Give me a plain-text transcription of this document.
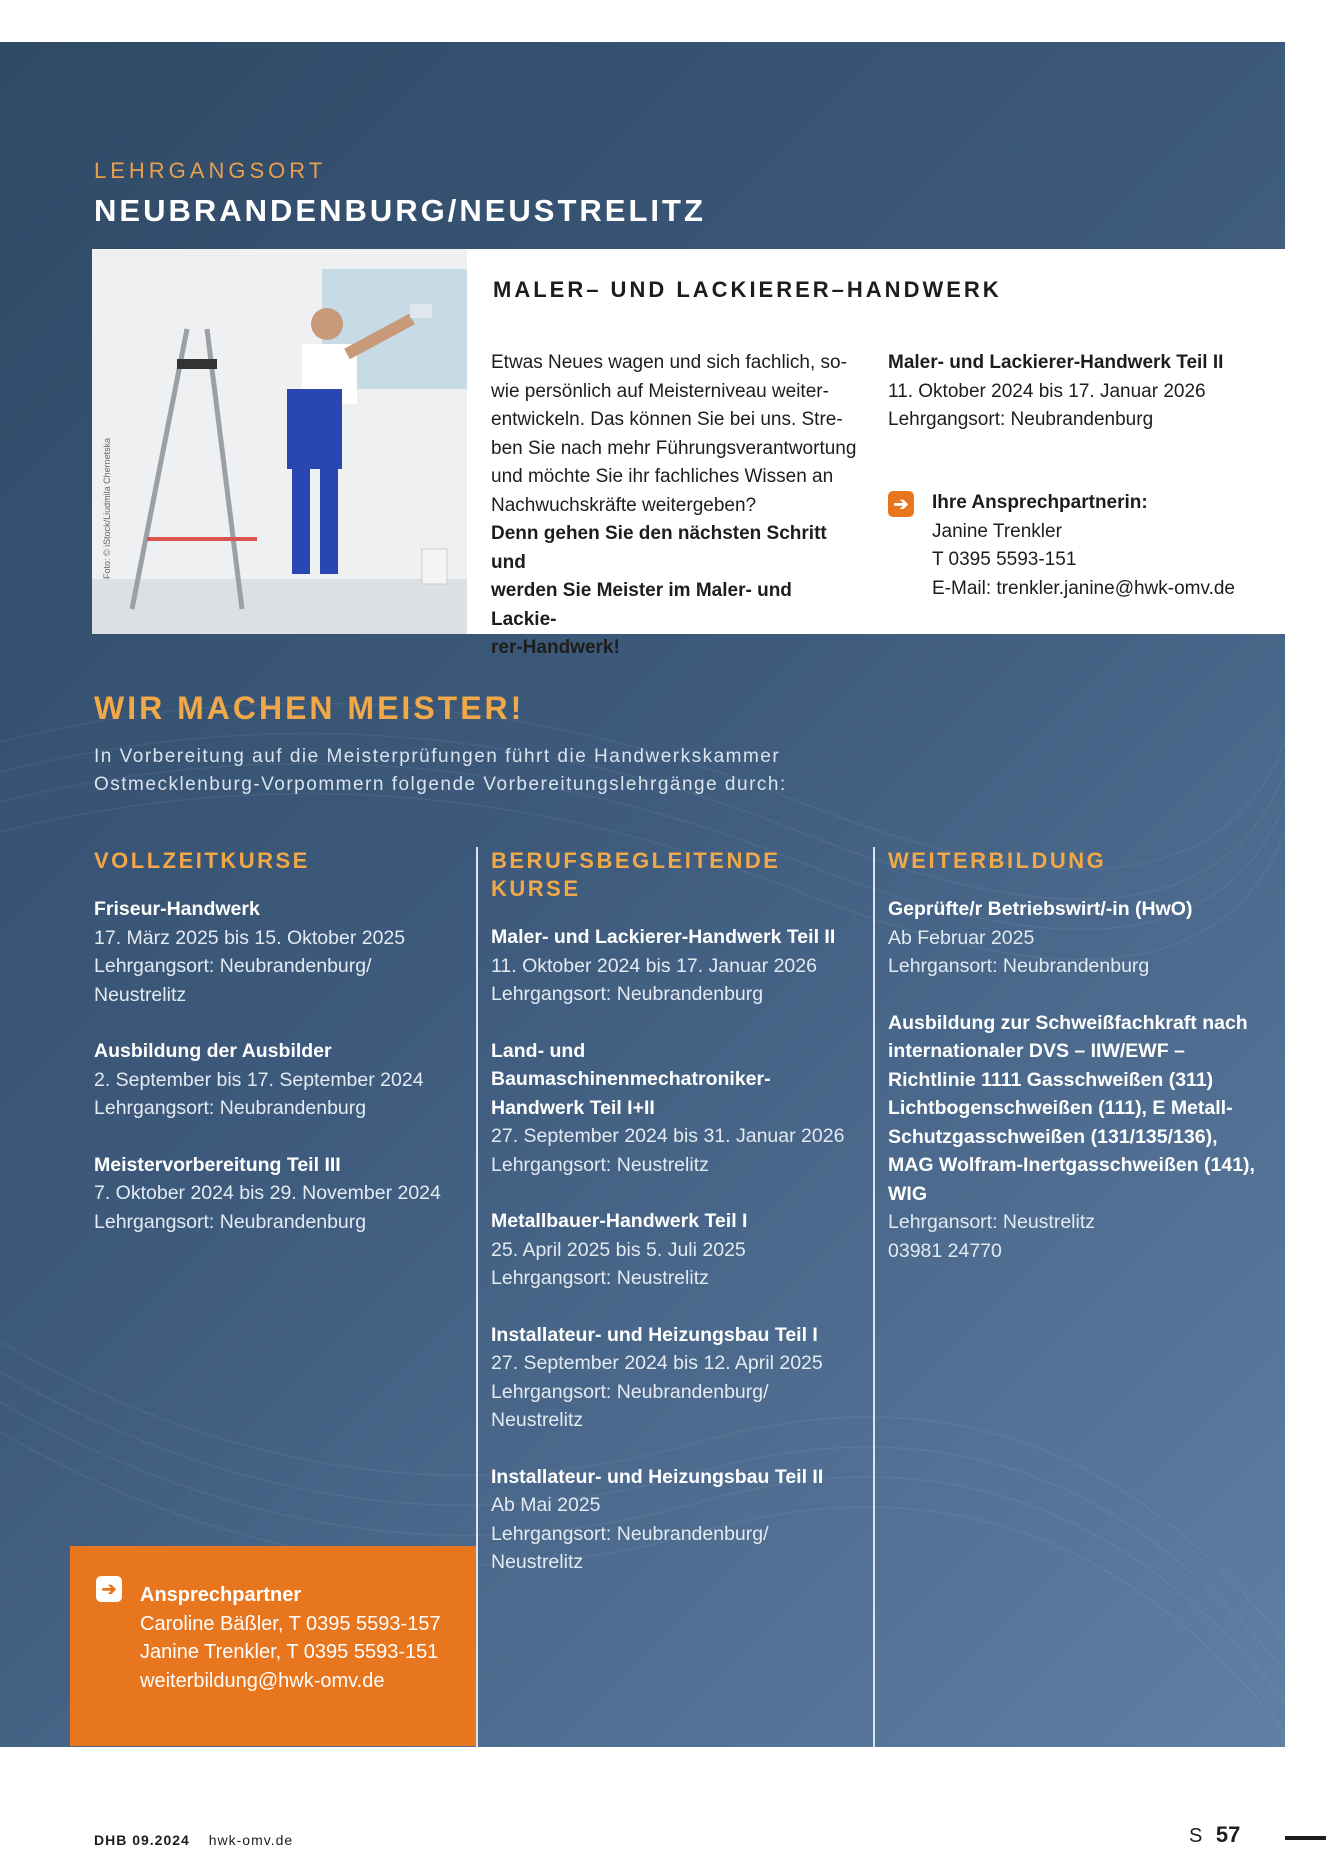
LEHRGANGSORT
NEUBRANDENBURG/NEUSTRELITZ
Foto: © iStock/Liudmila Chernetska
MALER– UND LACKIERER–HANDWERK
Etwas Neues wagen und sich fachlich, so-
wie persönlich auf Meisterniveau weiter-
entwickeln. Das können Sie bei uns. Stre-
ben Sie nach mehr Führungsverantwortung
und möchte Sie ihr fachliches Wissen an
Nachwuchskräfte weitergeben?
Denn gehen Sie den nächsten Schritt und
werden Sie Meister im Maler- und Lackie-
rer-Handwerk!
Maler- und Lackierer-Handwerk Teil II
11. Oktober 2024 bis 17. Januar 2026
Lehrgangsort: Neubrandenburg
➔ Ihre Ansprechpartnerin:
Janine Trenkler
T 0395 5593-151
E-Mail: trenkler.janine@hwk-omv.de
WIR MACHEN MEISTER!
In Vorbereitung auf die Meisterprüfungen führt die Handwerkskammer
Ostmecklenburg-Vorpommern folgende Vorbereitungslehrgänge durch:
VOLLZEITKURSE
Friseur-Handwerk
17. März 2025 bis 15. Oktober 2025
Lehrgangsort: Neubrandenburg/
Neustrelitz
Ausbildung der Ausbilder
2. September bis 17. September 2024
Lehrgangsort: Neubrandenburg
Meistervorbereitung Teil III
7. Oktober 2024 bis 29. November 2024
Lehrgangsort: Neubrandenburg
BERUFSBEGLEITENDE KURSE
Maler- und Lackierer-Handwerk Teil II
11. Oktober 2024 bis 17. Januar 2026
Lehrgangsort: Neubrandenburg
Land- und Baumaschinenmechatroniker-Handwerk Teil I+II
27. September 2024 bis 31. Januar 2026
Lehrgangsort: Neustrelitz
Metallbauer-Handwerk Teil I
25. April 2025 bis 5. Juli 2025
Lehrgangsort: Neustrelitz
Installateur- und Heizungsbau Teil I
27. September 2024 bis 12. April 2025
Lehrgangsort: Neubrandenburg/
Neustrelitz
Installateur- und Heizungsbau Teil II
Ab Mai 2025
Lehrgangsort: Neubrandenburg/
Neustrelitz
WEITERBILDUNG
Geprüfte/r Betriebswirt/-in (HwO)
Ab Februar 2025
Lehrgansort: Neubrandenburg
Ausbildung zur Schweißfachkraft nach internationaler DVS – IIW/EWF – Richtlinie 1111 Gasschweißen (311) Lichtbogenschweißen (111), E Metall-Schutzgasschweißen (131/135/136), MAG Wolfram-Inertgasschweißen (141), WIG
Lehrgansort: Neustrelitz
03981 24770
➔ Ansprechpartner
Caroline Bäßler, T 0395 5593-157
Janine Trenkler, T 0395 5593-151
weiterbildung@hwk-omv.de
DHB 09.2024 hwk-omv.de	S 57
